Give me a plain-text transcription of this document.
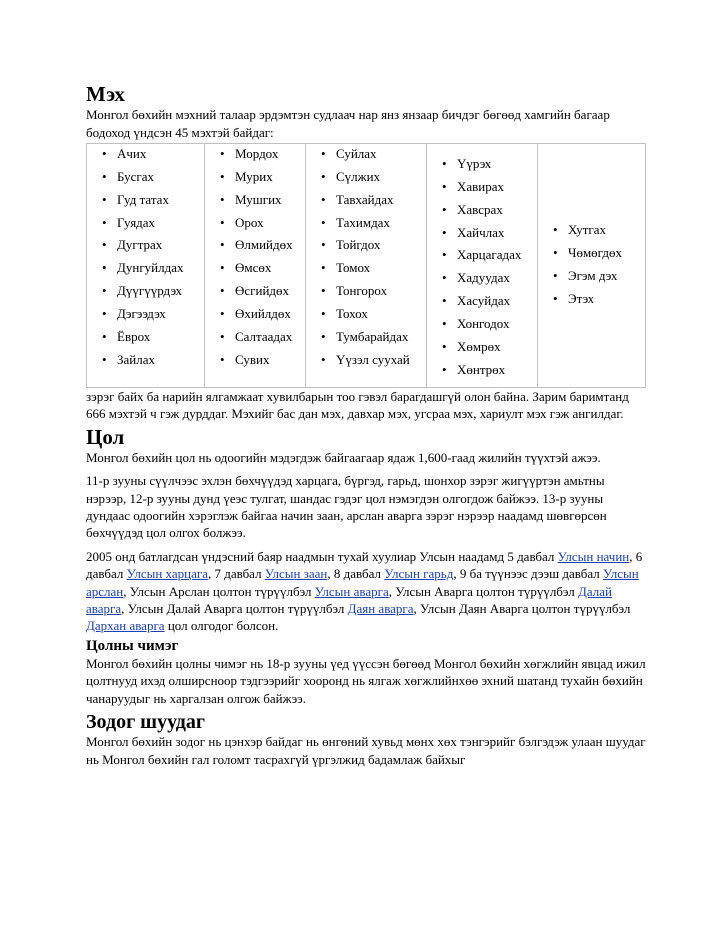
Мэх

Монгол бөхийн мэхний талаар эрдэмтэн судлаач нар янз янзаар бичдэг бөгөөд хамгийн багаар бодоход үндсэн 45 мэхтэй байдаг:

• Ачих
• Бусгах
• Гуд татах
• Гуядах
• Дугтрах
• Дунгуйлдах
• Дүүгүүрдэх
• Дэгээдэх
• Ёврох
• Зайлах

• Мордох
• Мурих
• Мушгих
• Орох
• Өлмийдөх
• Өмсөх
• Өсгийдөх
• Өхийлдөх
• Салтаадах
• Сувих

• Суйлах
• Сүлжих
• Тавхайдах
• Тахимдах
• Тойгдох
• Томох
• Тонгорох
• Тохох
• Тумбарайдах
• Үүзэл суухай

• Үүрэх
• Хавирах
• Хавсрах
• Хайчлах
• Харцагадах
• Хадуудах
• Хасуйдах
• Хонгодох
• Хөмрөх
• Хөнтрөх

• Хутгах
• Чөмөгдөх
• Эгэм дэх
• Этэх

зэрэг байх ба нарийн ялгамжаат хувилбарын тоо гэвэл барагдашгүй олон байна. Зарим баримтанд 666 мэхтэй ч гэж дурддаг. Мэхийг бас дан мэх, давхар мэх, угсраа мэх, хариулт мэх гэж ангилдаг.

Цол

Монгол бөхийн цол нь одоогийн мэдэгдэж байгаагаар ядаж 1,600-гаад жилийн түүхтэй ажээ.

11-р зууны сүүлчээс эхлэн бөхчүүдэд харцага, бүргэд, гарьд, шонхор зэрэг жигүүртэн амьтны нэрээр, 12-р зууны дунд үеэс тулгат, шандас гэдэг цол нэмэгдэн олгогдож байжээ. 13-р зууны дундаас одоогийн хэрэглэж байгаа начин заан, арслан аварга зэрэг нэрээр наадамд шөвгөрсөн бөхчүүдэд цол олгох болжээ.

2005 онд батлагдсан үндэсний баяр наадмын тухай хуулиар Улсын наадамд 5 давбал Улсын начин, 6 давбал Улсын харцага, 7 давбал Улсын заан, 8 давбал Улсын гарьд, 9 ба түүнээс дээш давбал Улсын арслан, Улсын Арслан цолтон түрүүлбэл Улсын аварга, Улсын Аварга цолтон түрүүлбэл Далай аварга, Улсын Далай Аварга цолтон түрүүлбэл Даян аварга, Улсын Даян Аварга цолтон түрүүлбэл Дархан аварга цол олгодог болсон.

Цолны чимэг

Монгол бөхийн цолны чимэг нь 18-р зууны үед үүссэн бөгөөд Монгол бөхийн хөгжлийн явцад ижил цолтнууд ихэд олширсноор тэдгээрийг хооронд нь ялгаж хөгжлийнхөө эхний шатанд тухайн бөхийн чанаруудыг нь харгалзан олгож байжээ.

Зодог шуудаг

Монгол бөхийн зодог нь цэнхэр байдаг нь өнгөний хувьд мөнх хөх тэнгэрийг бэлгэдэж улаан шуудаг нь Монгол бөхийн гал голомт тасрахгүй үргэлжид бадамлаж байхыг
